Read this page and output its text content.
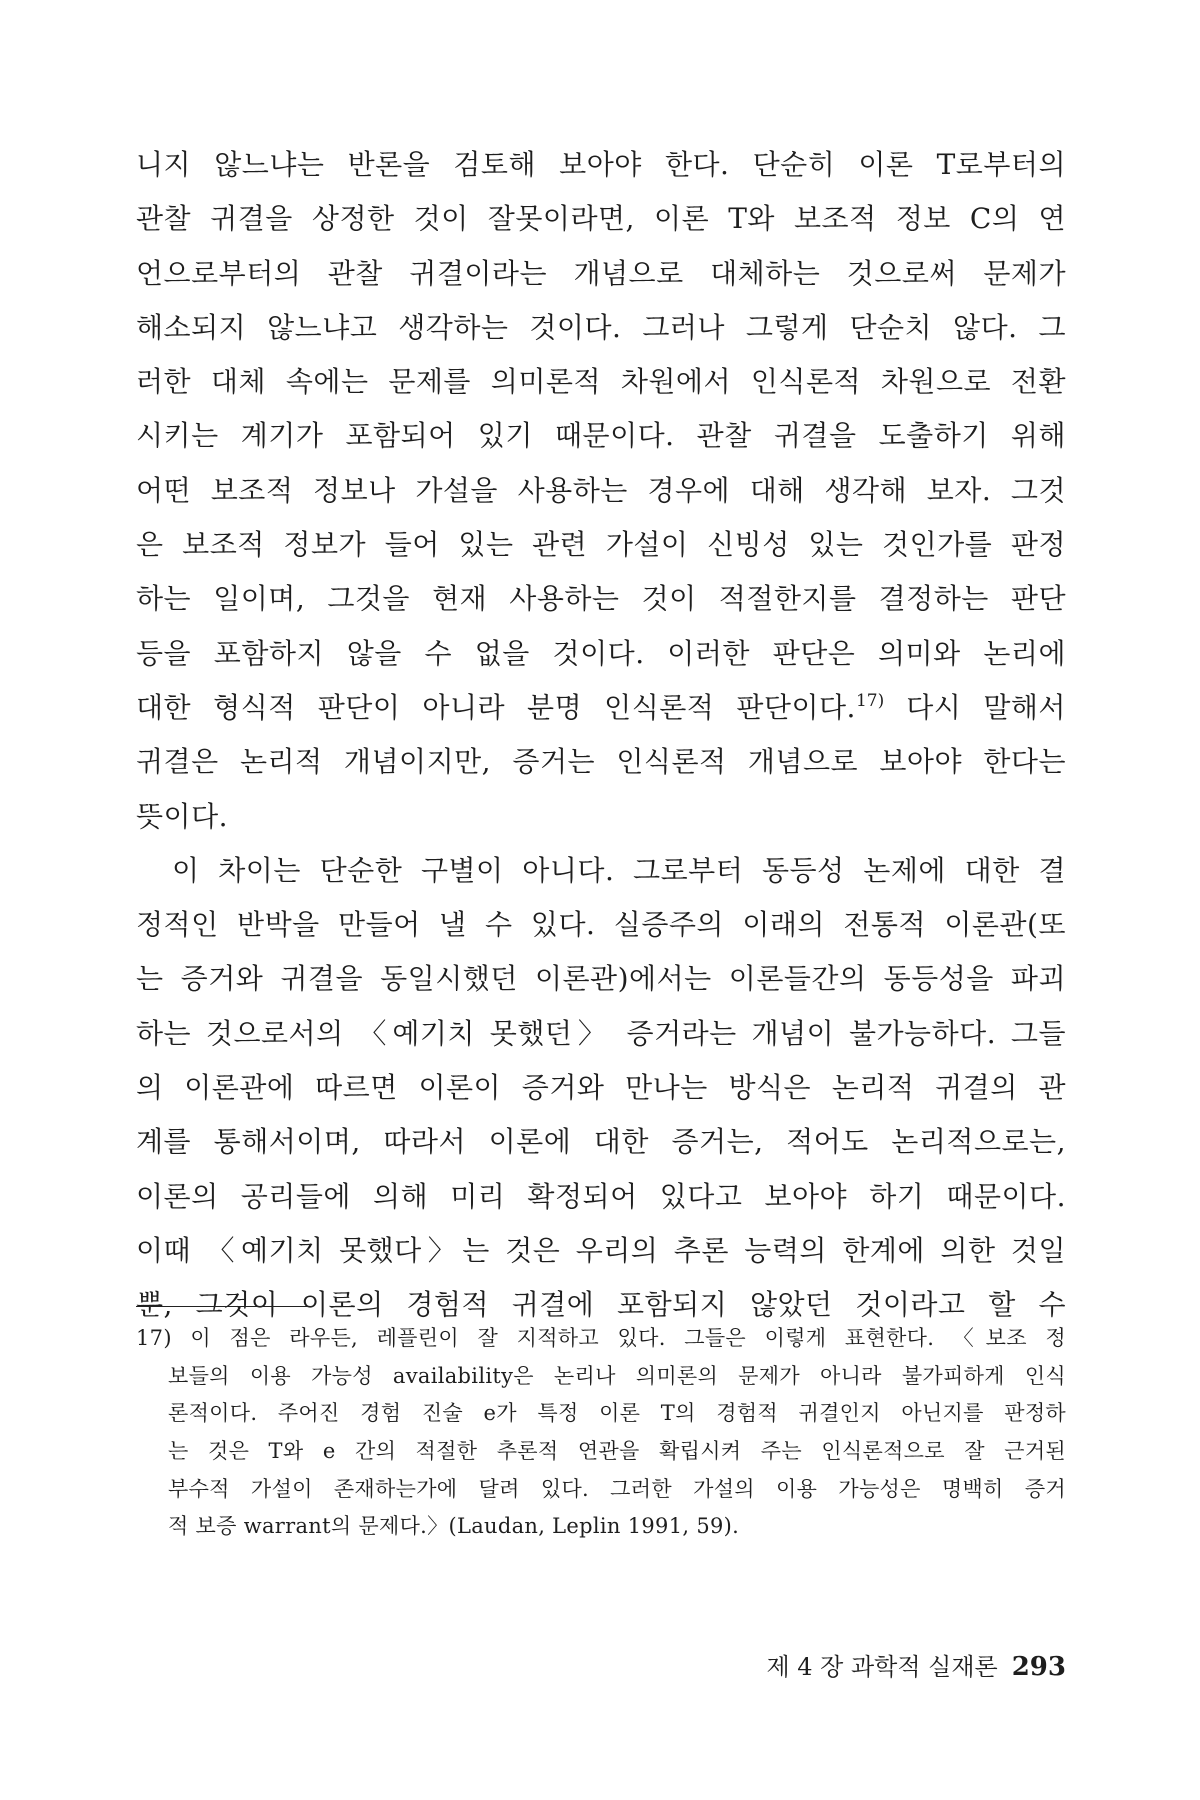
니지 않느냐는 반론을 검토해 보아야 한다. 단순히 이론 T로부터의
관찰 귀결을 상정한 것이 잘못이라면, 이론 T와 보조적 정보 C의 연
언으로부터의 관찰 귀결이라는 개념으로 대체하는 것으로써 문제가
해소되지 않느냐고 생각하는 것이다. 그러나 그렇게 단순치 않다. 그
러한 대체 속에는 문제를 의미론적 차원에서 인식론적 차원으로 전환
시키는 계기가 포함되어 있기 때문이다. 관찰 귀결을 도출하기 위해
어떤 보조적 정보나 가설을 사용하는 경우에 대해 생각해 보자. 그것
은 보조적 정보가 들어 있는 관련 가설이 신빙성 있는 것인가를 판정
하는 일이며, 그것을 현재 사용하는 것이 적절한지를 결정하는 판단
등을 포함하지 않을 수 없을 것이다. 이러한 판단은 의미와 논리에
대한 형식적 판단이 아니라 분명 인식론적 판단이다.$^{17)}$ 다시 말해서
귀결은 논리적 개념이지만, 증거는 인식론적 개념으로 보아야 한다는
뜻이다.
이 차이는 단순한 구별이 아니다. 그로부터 동등성 논제에 대한 결
정적인 반박을 만들어 낼 수 있다. 실증주의 이래의 전통적 이론관(또
는 증거와 귀결을 동일시했던 이론관)에서는 이론들간의 동등성을 파괴
하는 것으로서의 〈예기치 못했던〉 증거라는 개념이 불가능하다. 그들
의 이론관에 따르면 이론이 증거와 만나는 방식은 논리적 귀결의 관
계를 통해서이며, 따라서 이론에 대한 증거는, 적어도 논리적으로는,
이론의 공리들에 의해 미리 확정되어 있다고 보아야 하기 때문이다.
이때 〈예기치 못했다〉는 것은 우리의 추론 능력의 한계에 의한 것일
뿐, 그것이 이론의 경험적 귀결에 포함되지 않았던 것이라고 할 수
17) 이 점은 라우든, 레플린이 잘 지적하고 있다. 그들은 이렇게 표현한다. 〈보조 정
보들의 이용 가능성 availability은 논리나 의미론의 문제가 아니라 불가피하게 인식
론적이다. 주어진 경험 진술 e가 특정 이론 T의 경험적 귀결인지 아닌지를 판정하
는 것은 T와 e 간의 적절한 추론적 연관을 확립시켜 주는 인식론적으로 잘 근거된
부수적 가설이 존재하는가에 달려 있다. 그러한 가설의 이용 가능성은 명백히 증거
적 보증 warrant의 문제다.〉(Laudan, Leplin 1991, 59).
제 4 장 과학적 실재론 293
